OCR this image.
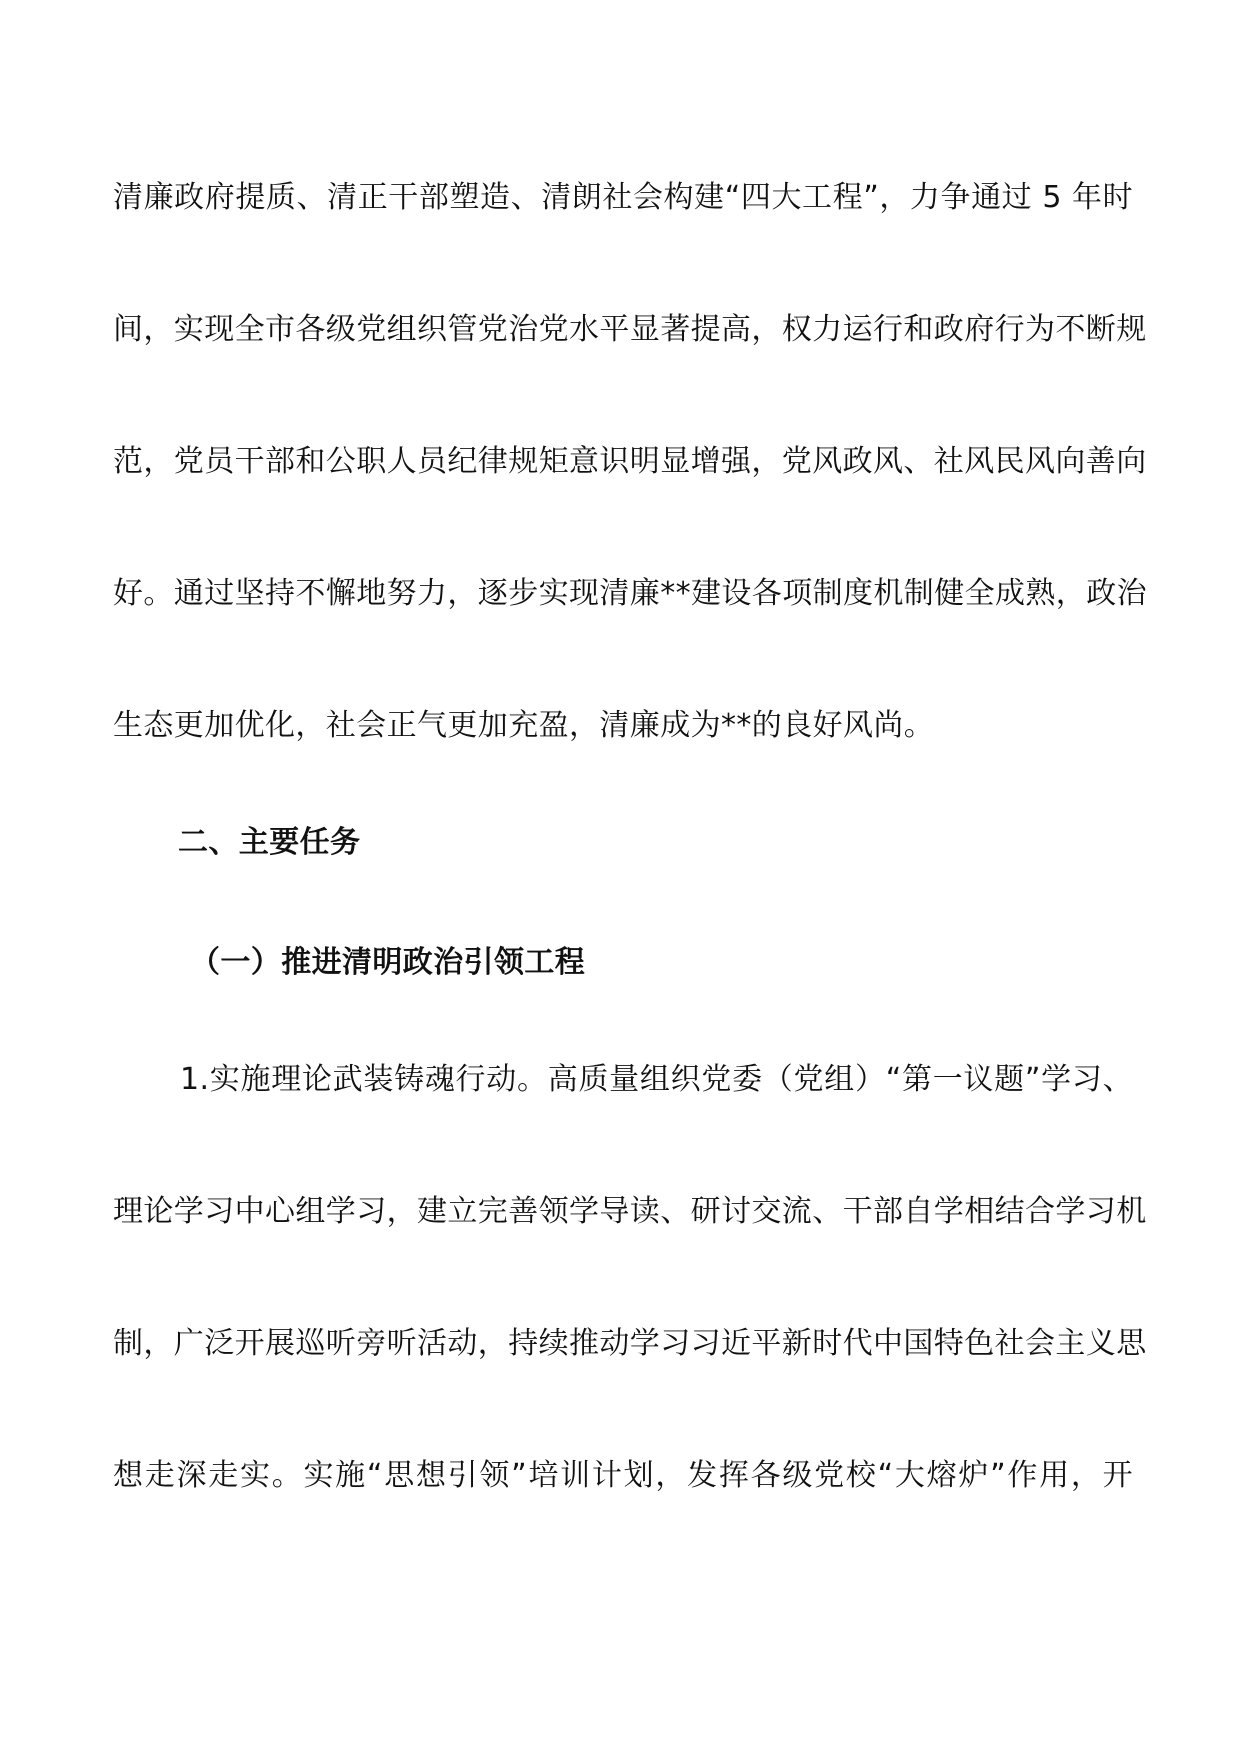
清廉政府提质、清正干部塑造、清朗社会构建“四大工程”，力争通过 5 年时
间，实现全市各级党组织管党治党水平显著提高，权力运行和政府行为不断规
范，党员干部和公职人员纪律规矩意识明显增强，党风政风、社风民风向善向
好。通过坚持不懈地努力，逐步实现清廉**建设各项制度机制健全成熟，政治
生态更加优化，社会正气更加充盈，清廉成为**的良好风尚。
二、主要任务
（一）推进清明政治引领工程
1.实施理论武装铸魂行动。高质量组织党委（党组）“第一议题”学习、
理论学习中心组学习，建立完善领学导读、研讨交流、干部自学相结合学习机
制，广泛开展巡听旁听活动，持续推动学习习近平新时代中国特色社会主义思
想走深走实。实施“思想引领”培训计划，发挥各级党校“大熔炉”作用，开
